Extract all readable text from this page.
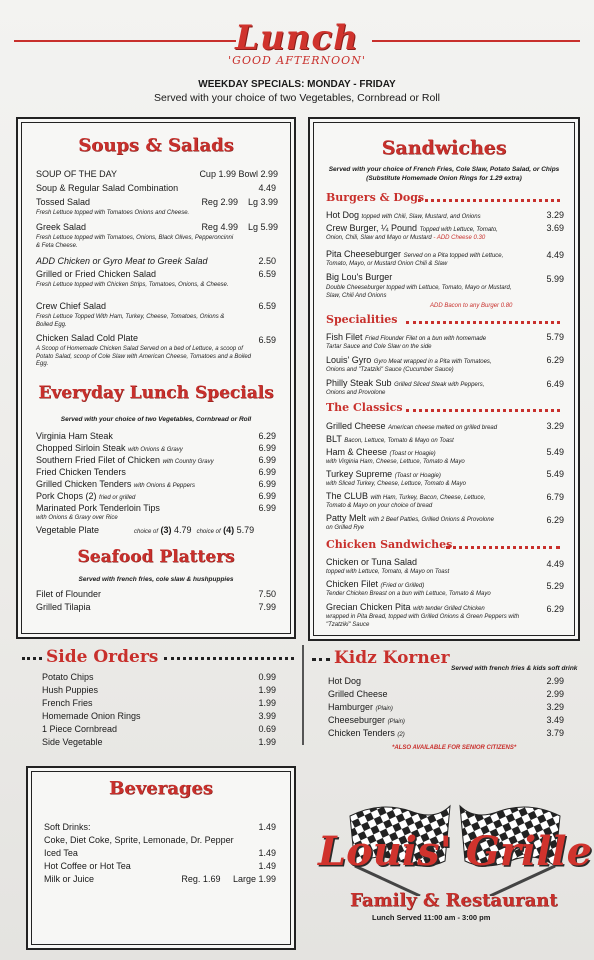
Lunch
'GOOD AFTERNOON'
WEEKDAY SPECIALS: MONDAY - FRIDAY
Served with your choice of two Vegetables, Cornbread or Roll
Soups & Salads
SOUP OF THE DAY	Cup 1.99 Bowl 2.99
Soup & Regular Salad Combination	4.49
Tossed Salad	Reg 2.99    Lg 3.99
Fresh Lettuce topped with Tomatoes Onions and Cheese.
Greek Salad	Reg 4.99    Lg 5.99
Fresh Lettuce topped with Tomatoes, Onions, Black Olives, Pepperoncinni & Feta Cheese.
ADD Chicken or Gyro Meat to Greek Salad	2.50
Grilled or Fried Chicken Salad	6.59
Fresh Lettuce topped with Chicken Strips, Tomatoes, Onions, & Cheese.
Crew Chief Salad	6.59
Fresh Lettuce Topped With Ham, Turkey, Cheese, Tomatoes, Onions & Boiled Egg.
Chicken Salad Cold Plate	6.59
A Scoop of Homemade Chicken Salad Served on a bed of Lettuce, a scoop of Potato Salad, scoop of Cole Slaw with American Cheese, Tomatoes and a Boiled Egg.
Everyday Lunch Specials
Served with your choice of two Vegetables, Cornbread or Roll
Virginia Ham Steak	6.29
Chopped Sirloin Steak with Onions & Gravy	6.99
Southern Fried Filet of Chicken with Country Gravy	6.99
Fried Chicken Tenders	6.99
Grilled Chicken Tenders with Onions & Peppers	6.99
Pork Chops (2) fried or grilled	6.99
Marinated Pork Tenderloin Tips	6.99
with Onions & Gravy over Rice
Vegetable Plate	choice of (3) 4.79 choice of (4) 5.79
Seafood Platters
Served with french fries, cole slaw & hushpuppies
Filet of Flounder	7.50
Grilled Tilapia	7.99
Sandwiches
Served with your choice of French Fries, Cole Slaw, Potato Salad, or Chips
(Substitute Homemade Onion Rings for 1.29 extra)
Burgers & Dogs
Hot Dog topped with Chili, Slaw, Mustard, and Onions	3.29
Crew Burger, ¼ Pound Topped with Lettuce, Tomato,	3.69
Onion, Chili, Slaw and Mayo or Mustard - ADD Cheese 0.30
Pita Cheeseburger Served on a Pita topped with Lettuce,	4.49
Tomato, Mayo, or Mustard Onion Chili & Slaw
Big Lou's Burger	5.99
Double Cheeseburger topped with Lettuce, Tomato, Mayo or Mustard, Slaw, Chili And Onions
ADD Bacon to any Burger 0.80
Specialities
Fish Filet Fried Flounder Filet on a bun with homemade	5.79
Tartar Sauce and Cole Slaw on the side
Louis' Gyro Gyro Meat wrapped in a Pita with Tomatoes,	6.29
Onions and "Tzatziki" Sauce (Cucumber Sauce)
Philly Steak Sub Grilled Sliced Steak with Peppers,	6.49
Onions and Provolone
The Classics
Grilled Cheese American cheese melted on grilled bread	3.29
BLT Bacon, Lettuce, Tomato & Mayo on Toast
Ham & Cheese (Toast or Hoagie)	5.49
with Virginia Ham, Cheese, Lettuce, Tomato & Mayo
Turkey Supreme (Toast or Hoagie)	5.49
with Sliced Turkey, Cheese, Lettuce, Tomato & Mayo
The CLUB with Ham, Turkey, Bacon, Cheese, Lettuce,	6.79
Tomato & Mayo on your choice of bread
Patty Melt with 2 Beef Patties, Grilled Onions & Provolone	6.29
on Grilled Rye
Chicken Sandwiches
Chicken or Tuna Salad	4.49
topped with Lettuce, Tomato, & Mayo on Toast
Chicken Filet (Fried or Grilled)	5.29
Tender Chicken Breast on a bun with Lettuce, Tomato & Mayo
Grecian Chicken Pita with tender Grilled Chicken	6.29
wrapped in Pita Bread, topped with Grilled Onions & Green Peppers with "Tzatziki" Sauce
Side Orders
Potato Chips	0.99
Hush Puppies	1.99
French Fries	1.99
Homemade Onion Rings	3.99
1 Piece Cornbread	0.69
Side Vegetable	1.99
Kidz Korner
Served with french fries & kids soft drink
Hot Dog	2.99
Grilled Cheese	2.99
Hamburger (Plain)	3.29
Cheeseburger (Plain)	3.49
Chicken Tenders (2)	3.79
*ALSO AVAILABLE FOR SENIOR CITIZENS*
Beverages
Soft Drinks:	1.49
Coke, Diet Coke, Sprite, Lemonade, Dr. Pepper
Iced Tea	1.49
Hot Coffee or Hot Tea	1.49
Milk or Juice	Reg. 1.69     Large 1.99
Louis' Grille
Family & Restaurant
Lunch Served 11:00 am - 3:00 pm
